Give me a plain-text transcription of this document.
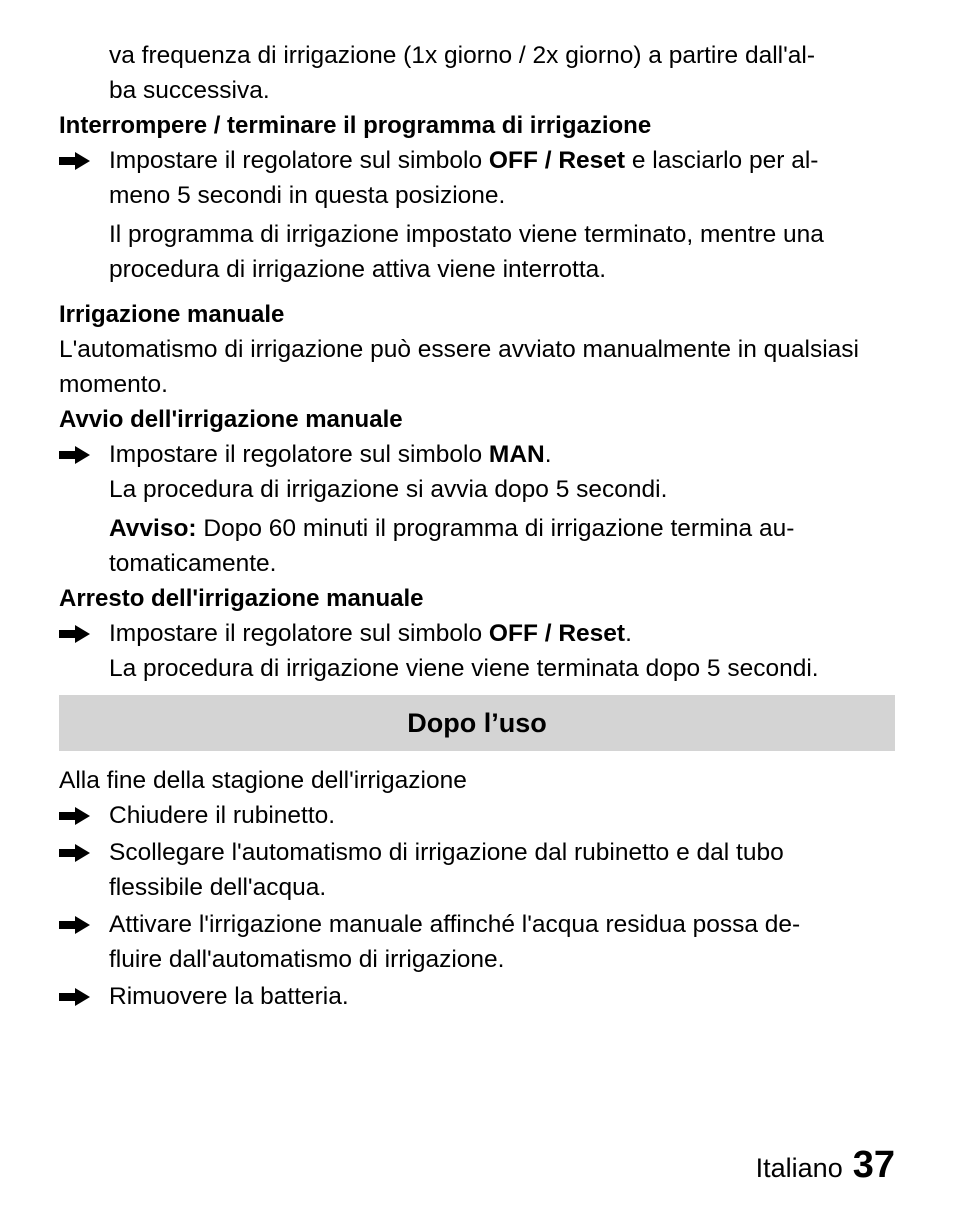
va frequenza di irrigazione (1x giorno / 2x giorno) a partire dall'al-
ba successiva.

Interrompere / terminare il programma di irrigazione
Impostare il regolatore sul simbolo OFF / Reset e lasciarlo per al-
meno 5 secondi in questa posizione.

Il programma di irrigazione impostato viene terminato, mentre una procedura di irrigazione attiva viene interrotta.

Irrigazione manuale

L'automatismo di irrigazione può essere avviato manualmente in qualsiasi momento.

Avvio dell'irrigazione manuale
Impostare il regolatore sul simbolo MAN.

La procedura di irrigazione si avvia dopo 5 secondi.

Avviso: Dopo 60 minuti il programma di irrigazione termina au-
tomaticamente.

Arresto dell'irrigazione manuale
Impostare il regolatore sul simbolo OFF / Reset.

La procedura di irrigazione viene viene terminata dopo 5 secondi.

Dopo l’uso

Alla fine della stagione dell'irrigazione

Chiudere il rubinetto.
Scollegare l'automatismo di irrigazione dal rubinetto e dal tubo
flessibile dell'acqua.
Attivare l'irrigazione manuale affinché l'acqua residua possa de-
fluire dall'automatismo di irrigazione.
Rimuovere la batteria.
Italiano 37
